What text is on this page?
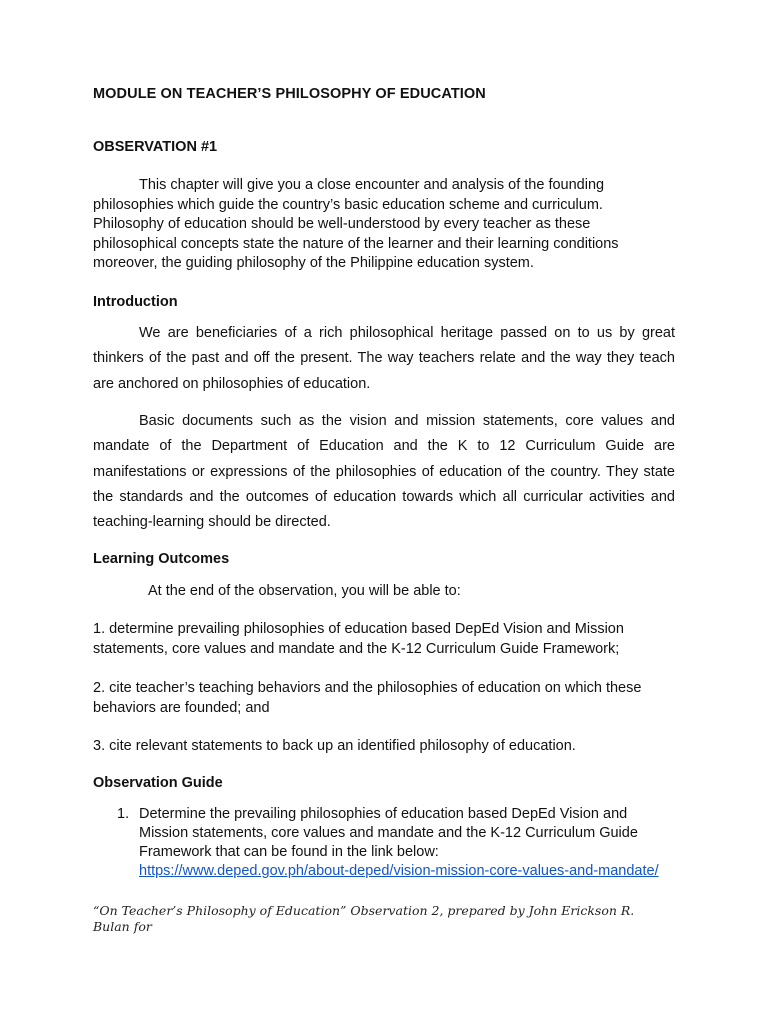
MODULE ON TEACHER’S PHILOSOPHY OF EDUCATION
OBSERVATION #1
This chapter will give you a close encounter and analysis of the founding
philosophies which guide the country’s basic education scheme and curriculum.
Philosophy of education should be well-understood by every teacher as these
philosophical concepts state the nature of the learner and their learning conditions
moreover, the guiding philosophy of the Philippine education system.
Introduction
We are beneficiaries of a rich philosophical heritage passed on to us by great thinkers of the past and off the present. The way teachers relate and the way they teach are anchored on philosophies of education.
Basic documents such as the vision and mission statements, core values and mandate of the Department of Education and the K to 12 Curriculum Guide are manifestations or expressions of the philosophies of education of the country. They state the standards and the outcomes of education towards which all curricular activities and teaching-learning should be directed.
Learning Outcomes
At the end of the observation, you will be able to:
1. determine prevailing philosophies of education based DepEd Vision and Mission statements, core values and mandate and the K-12 Curriculum Guide Framework;
2. cite teacher’s teaching behaviors and the philosophies of education on which these behaviors are founded; and
3. cite relevant statements to back up an identified philosophy of education.
Observation Guide
1. Determine the prevailing philosophies of education based DepEd Vision and Mission statements, core values and mandate and the K-12 Curriculum Guide Framework that can be found in the link below:
https://www.deped.gov.ph/about-deped/vision-mission-core-values-and-mandate/
“On Teacher’s Philosophy of Education” Observation 2, prepared by John Erickson R. Bulan for
